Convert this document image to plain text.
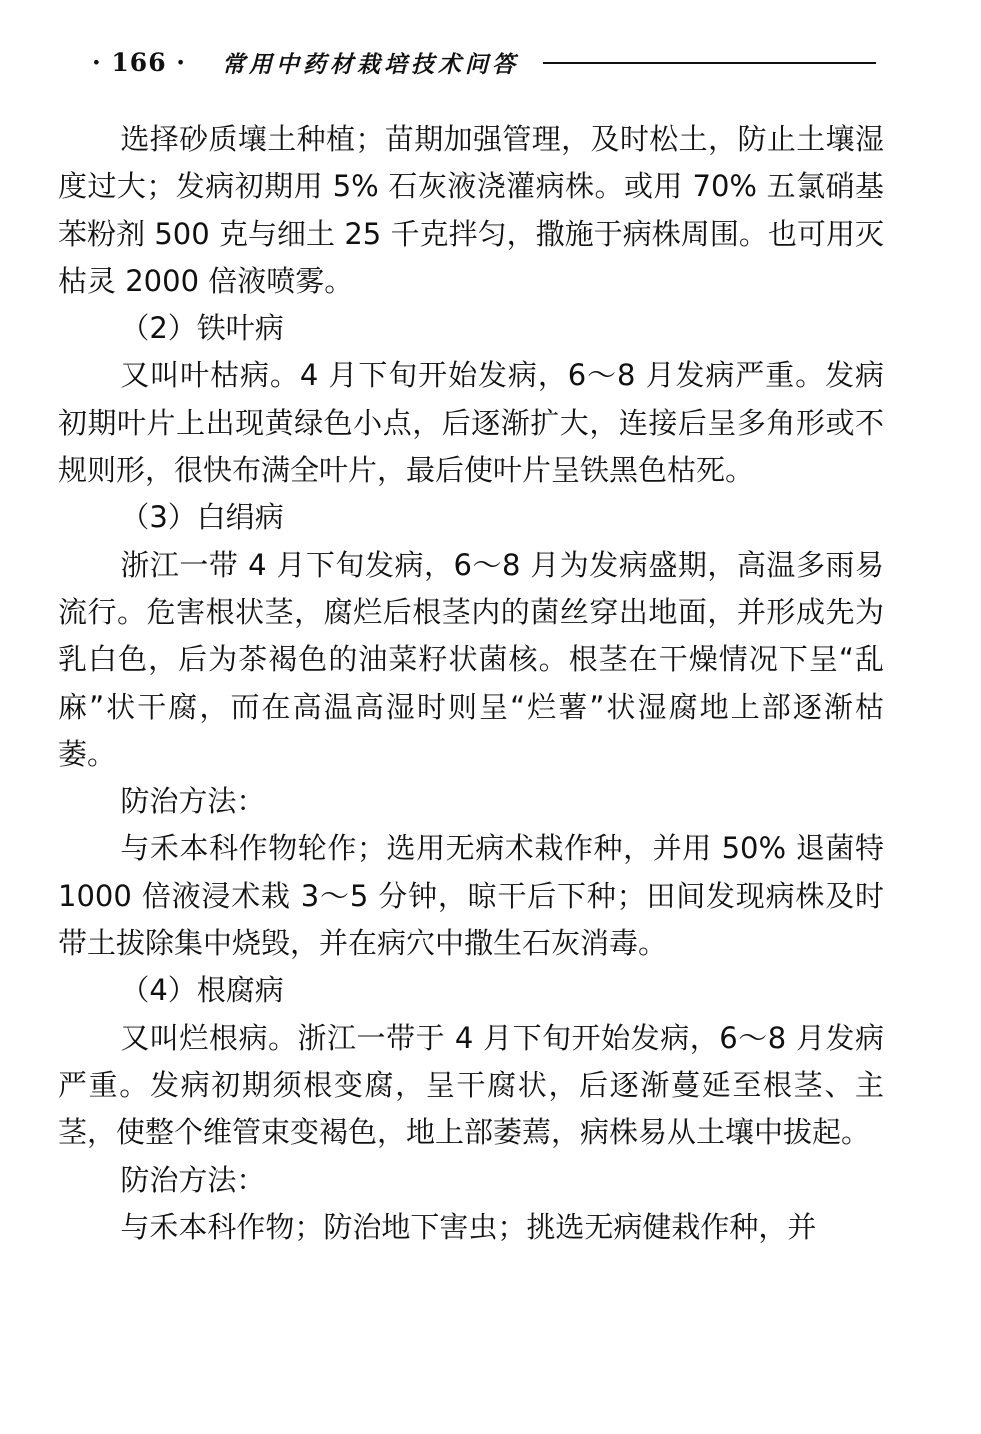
· 166 · 常用中药材栽培技术问答

选择砂质壤土种植；苗期加强管理，及时松土，防止土壤湿度过大；发病初期用 5% 石灰液浇灌病株。或用 70% 五氯硝基苯粉剂 500 克与细土 25 千克拌匀，撒施于病株周围。也可用灭枯灵 2000 倍液喷雾。

（2）铁叶病

又叫叶枯病。4 月下旬开始发病，6～8 月发病严重。发病初期叶片上出现黄绿色小点，后逐渐扩大，连接后呈多角形或不规则形，很快布满全叶片，最后使叶片呈铁黑色枯死。

（3）白绢病

浙江一带 4 月下旬发病，6～8 月为发病盛期，高温多雨易流行。危害根状茎，腐烂后根茎内的菌丝穿出地面，并形成先为乳白色，后为茶褐色的油菜籽状菌核。根茎在干燥情况下呈“乱麻”状干腐，而在高温高湿时则呈“烂薯”状湿腐地上部逐渐枯萎。

防治方法：

与禾本科作物轮作；选用无病术栽作种，并用 50% 退菌特 1000 倍液浸术栽 3～5 分钟，晾干后下种；田间发现病株及时带土拔除集中烧毁，并在病穴中撒生石灰消毒。

（4）根腐病

又叫烂根病。浙江一带于 4 月下旬开始发病，6～8 月发病严重。发病初期须根变腐，呈干腐状，后逐渐蔓延至根茎、主茎，使整个维管束变褐色，地上部萎蔫，病株易从土壤中拔起。

防治方法：

与禾本科作物；防治地下害虫；挑选无病健栽作种，并
